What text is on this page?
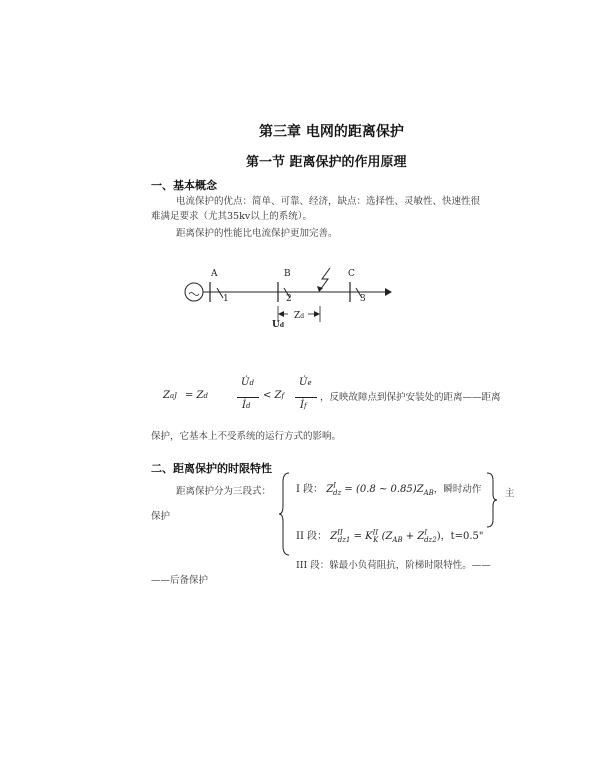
第三章 电网的距离保护
第一节 距离保护的作用原理
一、基本概念
电流保护的优点：简单、可靠、经济，缺点：选择性、灵敏性、快速性很
难满足要求（尤其35kv以上的系统）。
距离保护的性能比电流保护更加完善。
A	B	C
1	2	3
Zd
Ud
ZaJ = Zd
U̇d
İd
< Zf
U̇e
İf
，反映故障点到保护安装处的距离——距离
保护，它基本上不受系统的运行方式的影响。
二、距离保护的时限特性
距离保护分为三段式：
保护
主
I 段： $Z^I_{dz} = (0.8$ ~ $0.85)Z_{AB}$，瞬时动作
II 段： $Z^{II}_{dz1} = K^{II}_K$ $(Z_{AB} + Z^I_{dz2})$，t=0.5"
III 段：躲最小负荷阻抗，阶梯时限特性。——
——后备保护
